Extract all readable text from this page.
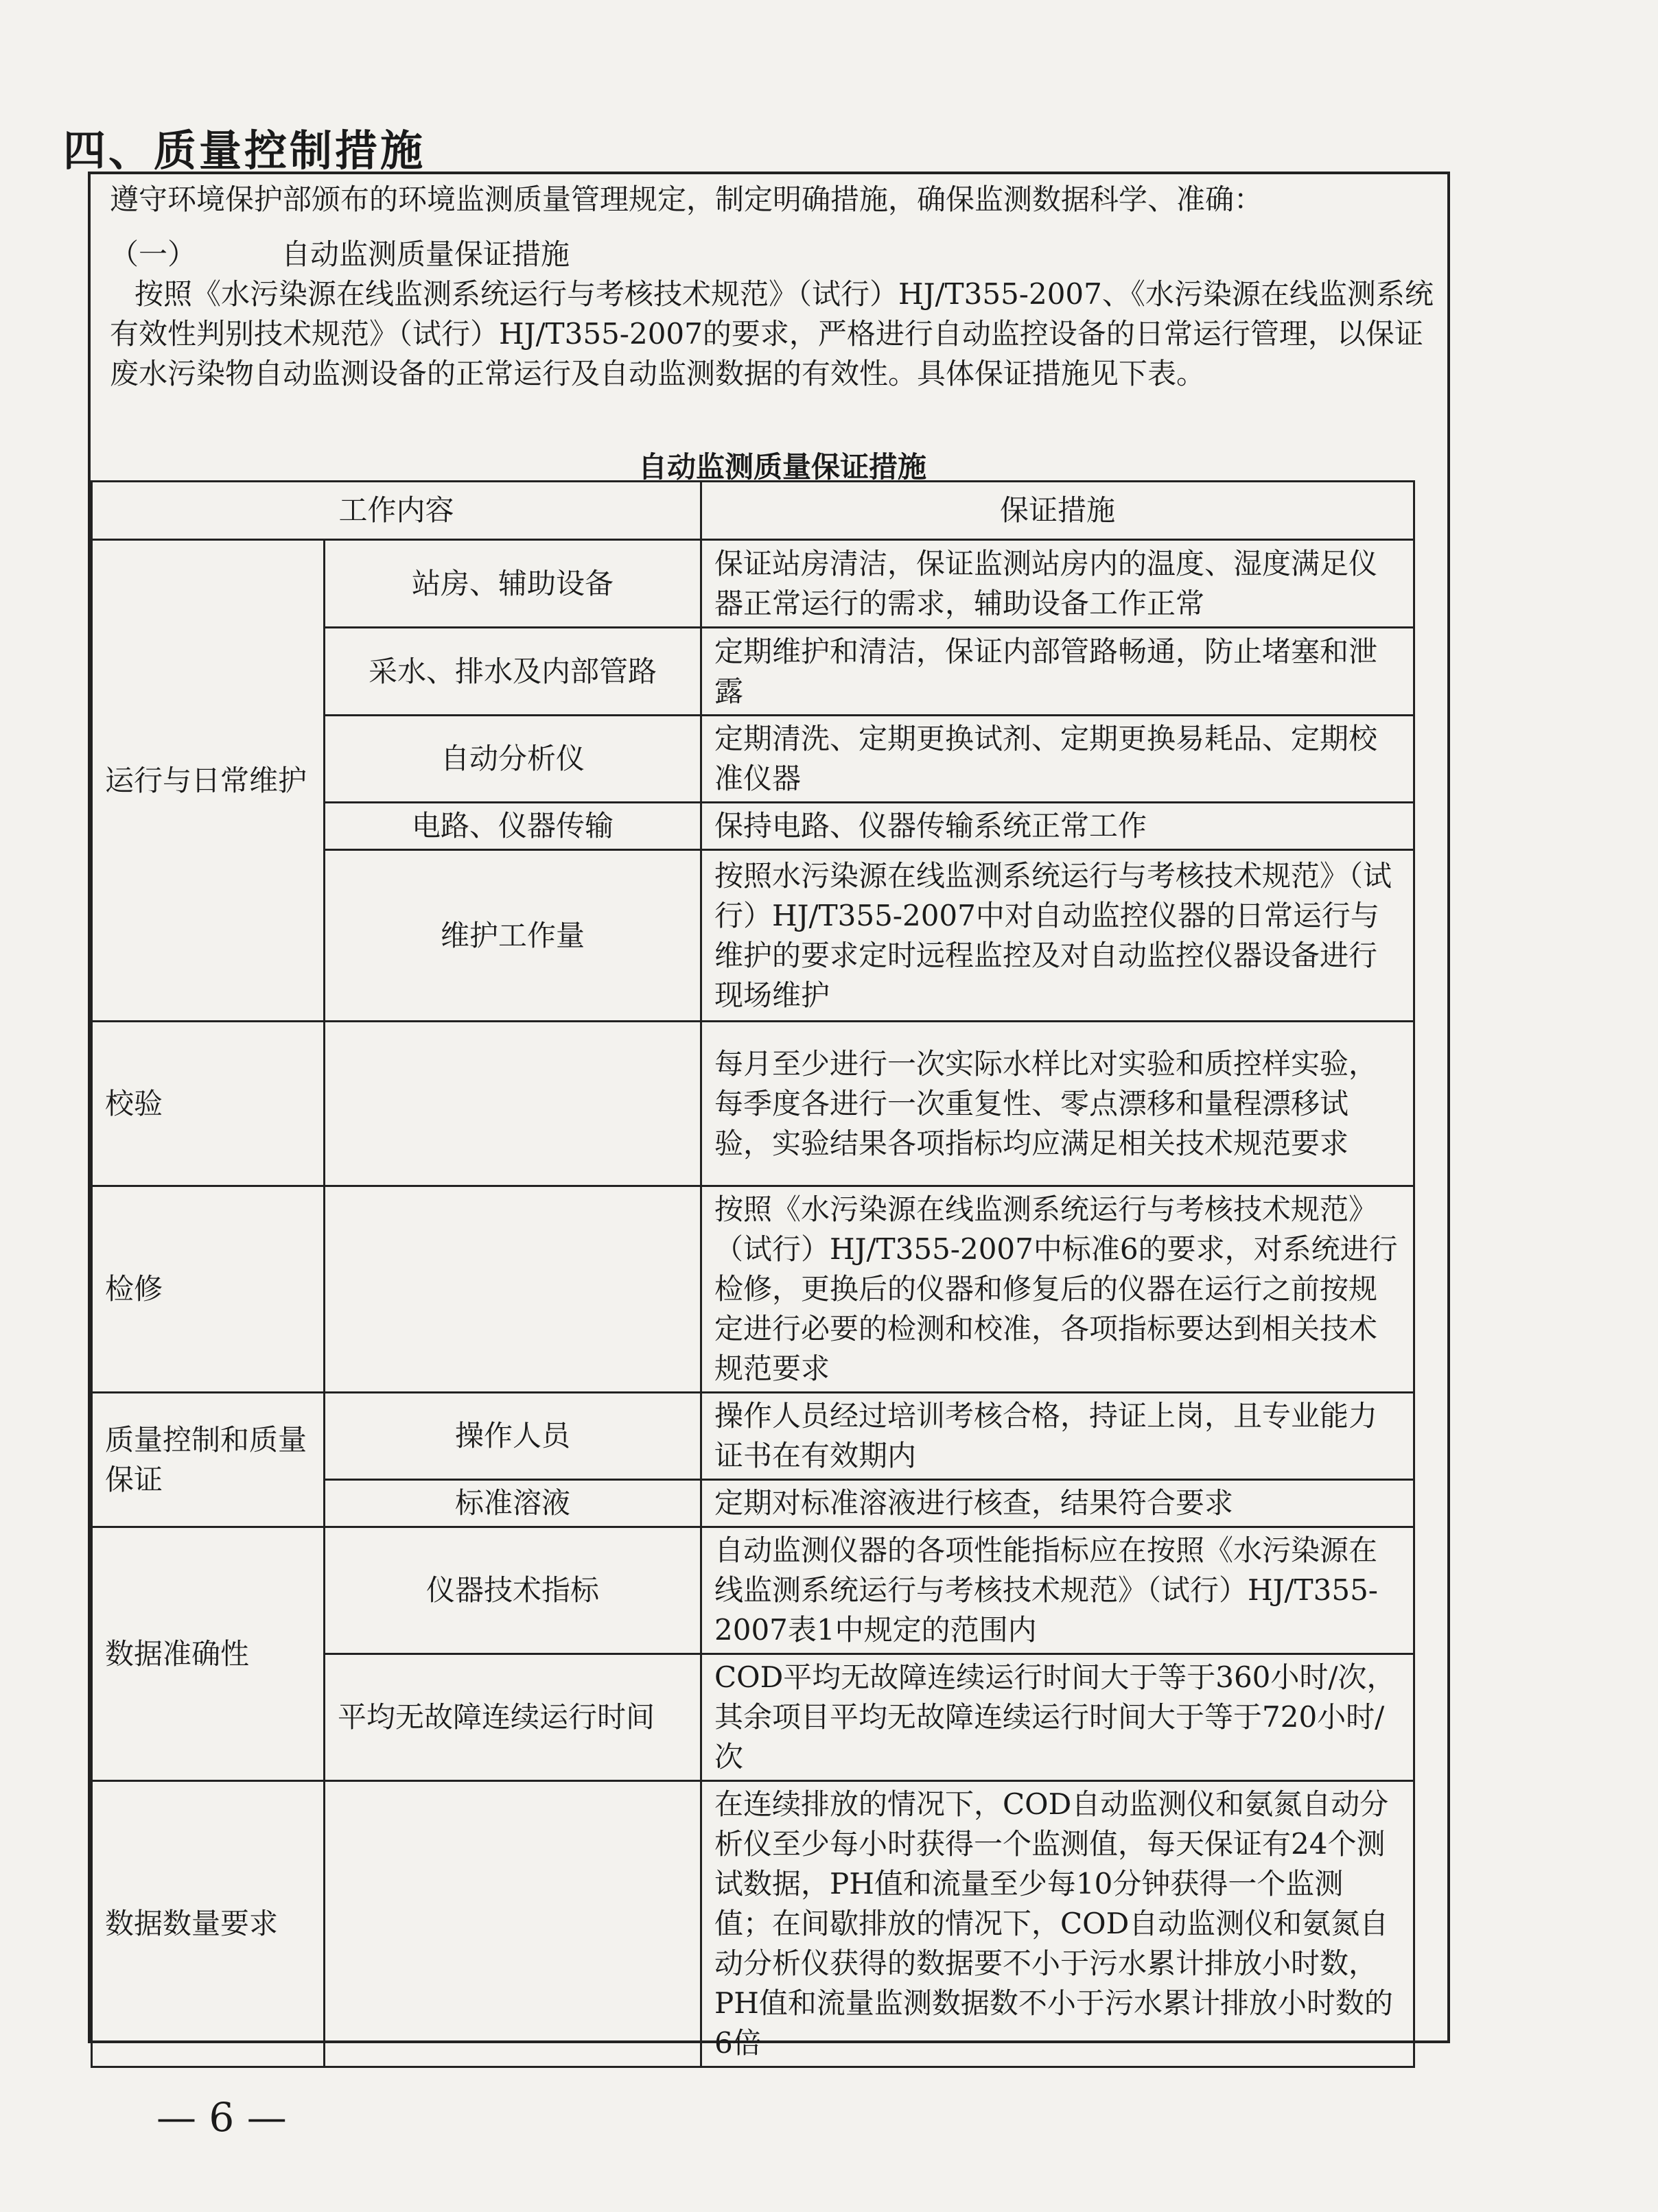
四、质量控制措施

遵守环境保护部颁布的环境监测质量管理规定，制定明确措施，确保监测数据科学、准确：

（一）	自动监测质量保证措施

按照《水污染源在线监测系统运行与考核技术规范》（试行）HJ/T355-2007、《水污染源在线监测系统有效性判别技术规范》（试行）HJ/T355-2007的要求，严格进行自动监控设备的日常运行管理，以保证废水污染物自动监测设备的正常运行及自动监测数据的有效性。具体保证措施见下表。

自动监测质量保证措施

工作内容		保证措施
运行与日常维护	站房、辅助设备	保证站房清洁，保证监测站房内的温度、湿度满足仪器正常运行的需求，辅助设备工作正常
	采水、排水及内部管路	定期维护和清洁，保证内部管路畅通，防止堵塞和泄露
	自动分析仪	定期清洗、定期更换试剂、定期更换易耗品、定期校准仪器
	电路、仪器传输	保持电路、仪器传输系统正常工作
	维护工作量	按照水污染源在线监测系统运行与考核技术规范》（试行）HJ/T355-2007中对自动监控仪器的日常运行与维护的要求定时远程监控及对自动监控仪器设备进行现场维护
校验		每月至少进行一次实际水样比对实验和质控样实验，每季度各进行一次重复性、零点漂移和量程漂移试验，实验结果各项指标均应满足相关技术规范要求
检修		按照《水污染源在线监测系统运行与考核技术规范》（试行）HJ/T355-2007中标准6的要求，对系统进行检修，更换后的仪器和修复后的仪器在运行之前按规定进行必要的检测和校准，各项指标要达到相关技术规范要求
质量控制和质量保证	操作人员	操作人员经过培训考核合格，持证上岗，且专业能力证书在有效期内
	标准溶液	定期对标准溶液进行核查，结果符合要求
数据准确性	仪器技术指标	自动监测仪器的各项性能指标应在按照《水污染源在线监测系统运行与考核技术规范》（试行）HJ/T355-2007表1中规定的范围内
	平均无故障连续运行时间	COD平均无故障连续运行时间大于等于360小时/次，其余项目平均无故障连续运行时间大于等于720小时/次
数据数量要求		在连续排放的情况下，COD自动监测仪和氨氮自动分析仪至少每小时获得一个监测值，每天保证有24个测试数据，PH值和流量至少每10分钟获得一个监测值；在间歇排放的情况下，COD自动监测仪和氨氮自动分析仪获得的数据要不小于污水累计排放小时数，PH值和流量监测数据数不小于污水累计排放小时数的6倍

— 6 —
